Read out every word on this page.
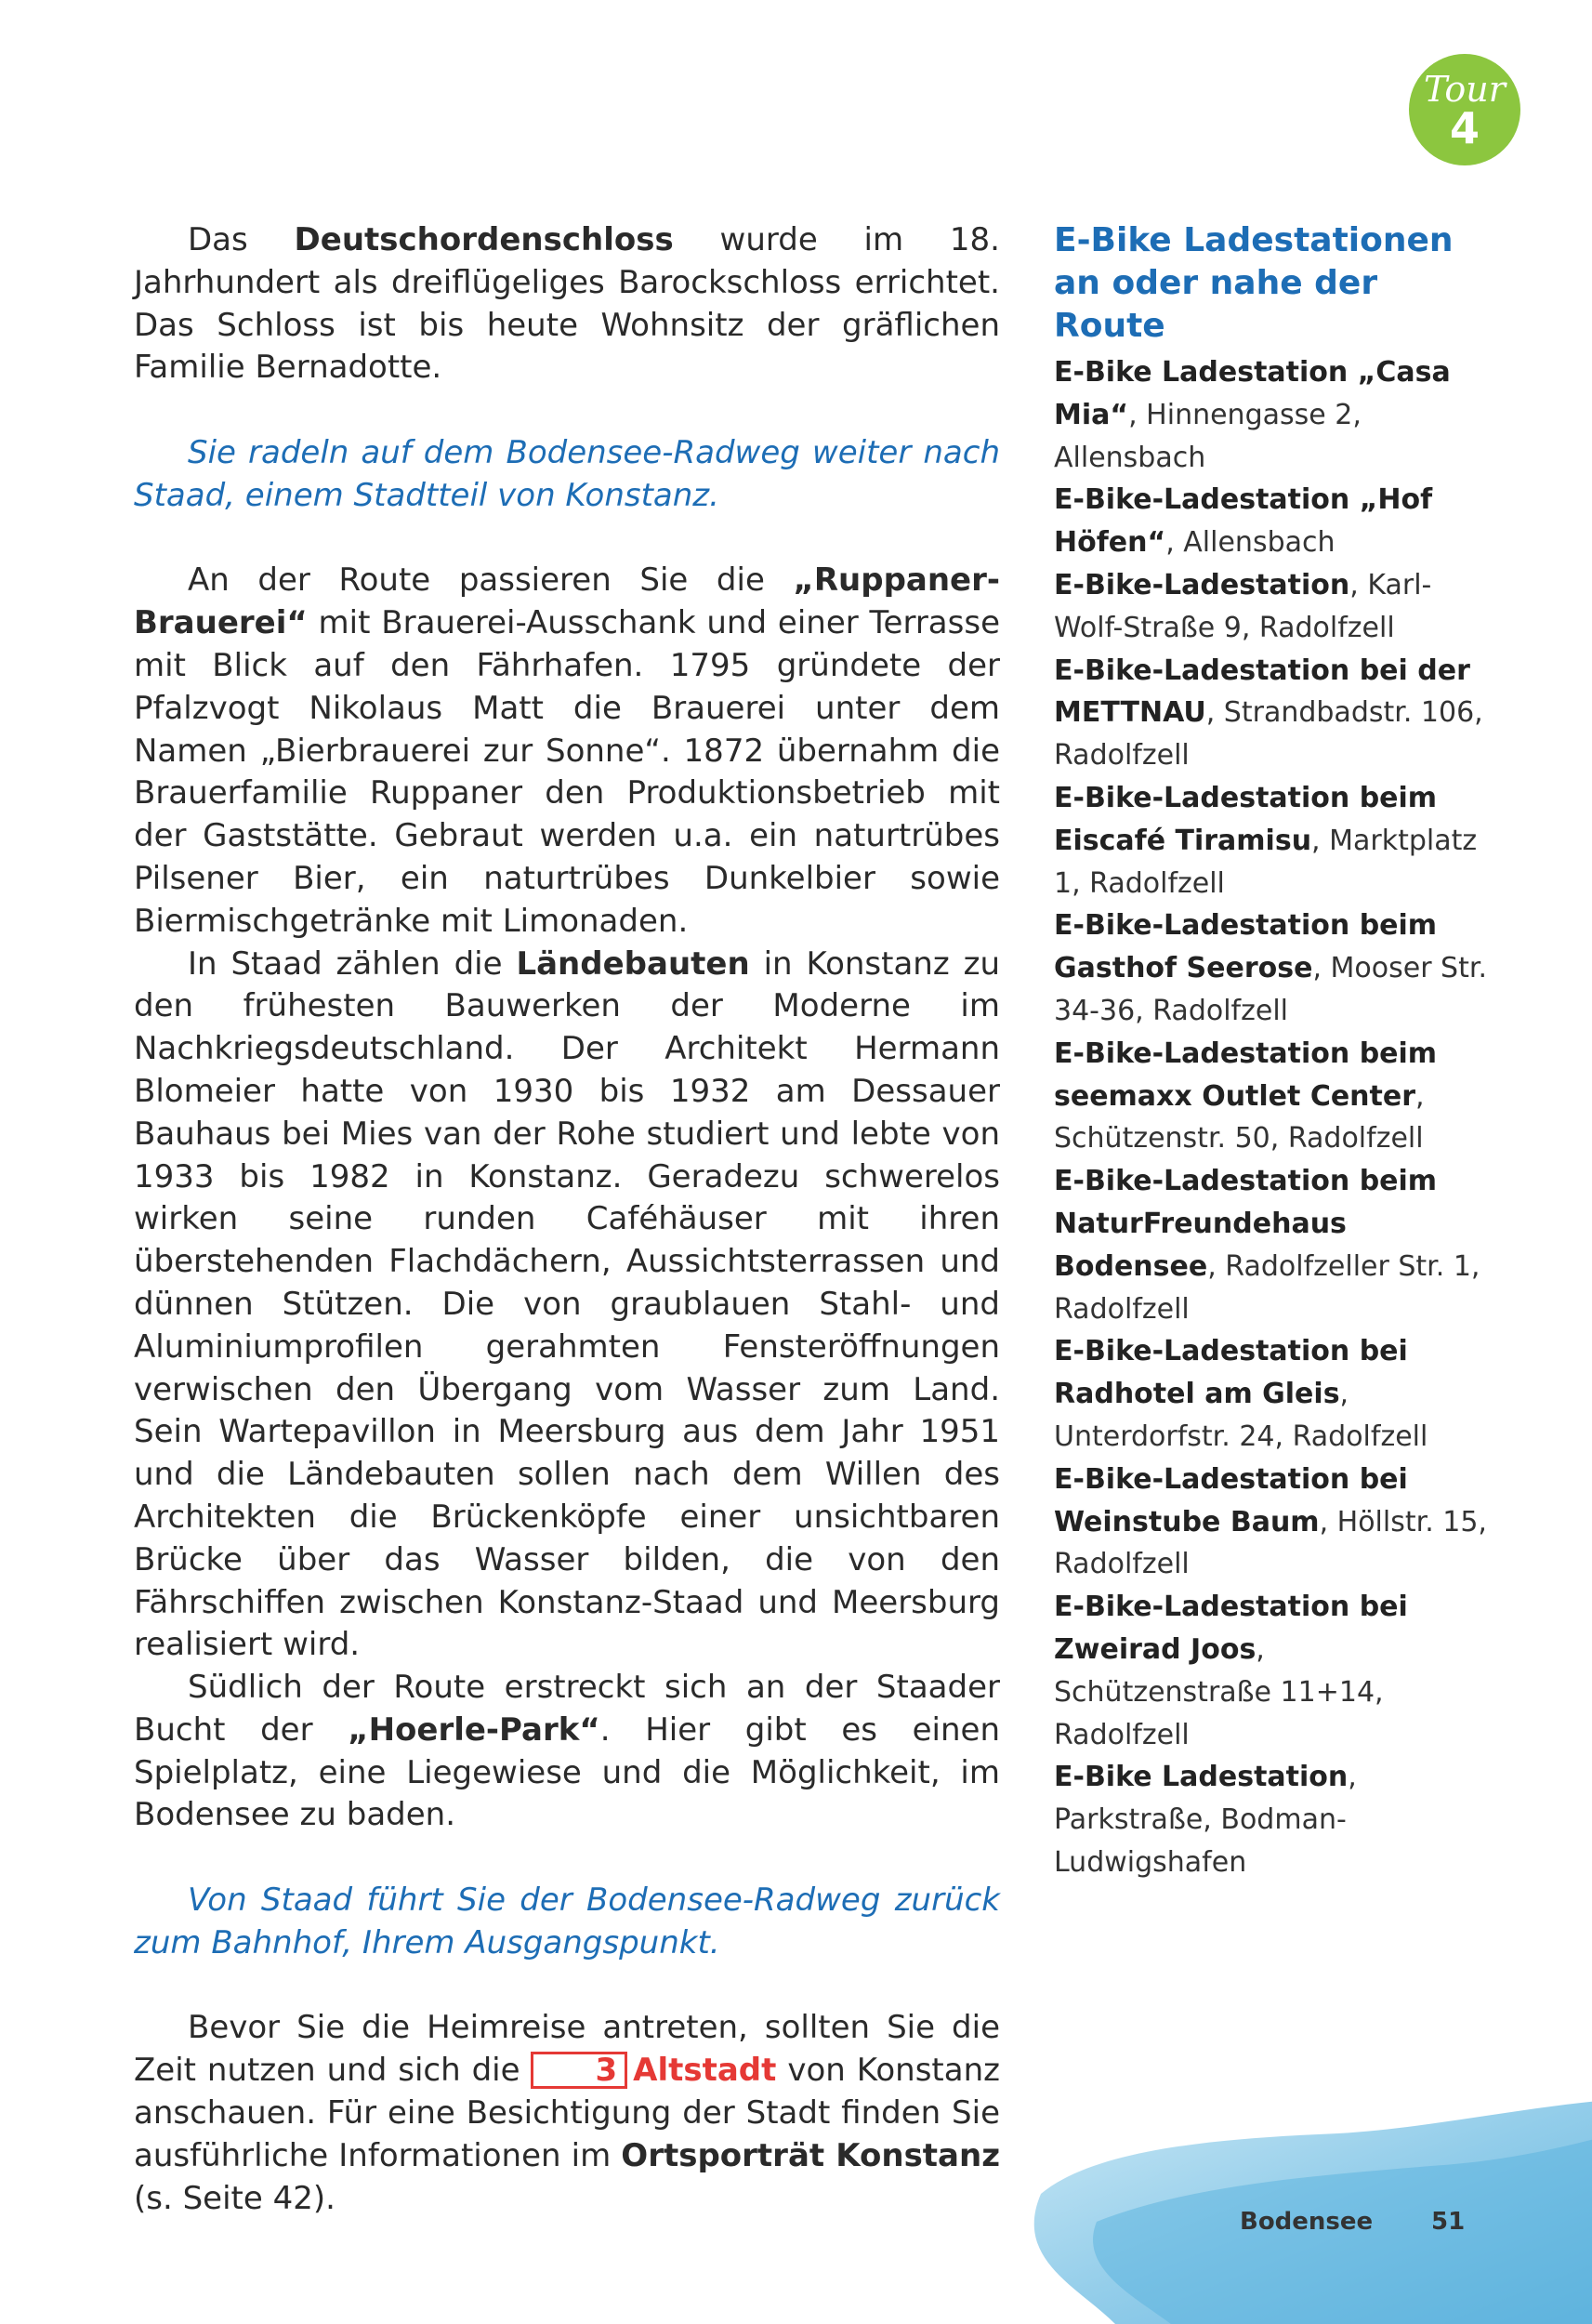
Tour
4

Das Deutschordenschloss wurde im 18. Jahrhundert als dreiflügeliges Barockschloss errichtet. Das Schloss ist bis heute Wohnsitz der gräflichen Familie Bernadotte.

Sie radeln auf dem Bodensee-Radweg weiter nach Staad, einem Stadtteil von Konstanz.

An der Route passieren Sie die „Ruppaner-Brauerei“ mit Brauerei-Ausschank und einer Terrasse mit Blick auf den Fährhafen. 1795 gründete der Pfalzvogt Nikolaus Matt die Brauerei unter dem Namen „Bierbrauerei zur Sonne“. 1872 übernahm die Brauerfamilie Ruppaner den Produktionsbetrieb mit der Gaststätte. Gebraut werden u.a. ein naturtrübes Pilsener Bier, ein naturtrübes Dunkelbier sowie Biermischgetränke mit Limonaden.

In Staad zählen die Ländebauten in Konstanz zu den frühesten Bauwerken der Moderne im Nachkriegsdeutschland. Der Architekt Hermann Blomeier hatte von 1930 bis 1932 am Dessauer Bauhaus bei Mies van der Rohe studiert und lebte von 1933 bis 1982 in Konstanz. Geradezu schwerelos wirken seine runden Caféhäuser mit ihren überstehenden Flachdächern, Aussichtsterrassen und dünnen Stützen. Die von graublauen Stahl- und Aluminiumprofilen gerahmten Fensteröffnungen verwischen den Übergang vom Wasser zum Land. Sein Wartepavillon in Meersburg aus dem Jahr 1951 und die Ländebauten sollen nach dem Willen des Architekten die Brückenköpfe einer unsichtbaren Brücke über das Wasser bilden, die von den Fährschiffen zwischen Konstanz-Staad und Meersburg realisiert wird.

Südlich der Route erstreckt sich an der Staader Bucht der „Hoerle-Park“. Hier gibt es einen Spielplatz, eine Liegewiese und die Möglichkeit, im Bodensee zu baden.

Von Staad führt Sie der Bodensee-Radweg zurück zum Bahnhof, Ihrem Ausgangspunkt.

Bevor Sie die Heimreise antreten, sollten Sie die Zeit nutzen und sich die 3 Altstadt von Konstanz anschauen. Für eine Besichtigung der Stadt finden Sie ausführliche Informationen im Ortsporträt Konstanz (s. Seite 42).

E-Bike Ladestationen an oder nahe der Route
E-Bike Ladestation „Casa Mia“, Hinnengasse 2, Allensbach
E-Bike-Ladestation „Hof Höfen“, Allensbach
E-Bike-Ladestation, Karl-Wolf-Straße 9, Radolfzell
E-Bike-Ladestation bei der METTNAU, Strandbadstr. 106, Radolfzell
E-Bike-Ladestation beim Eiscafé Tiramisu, Marktplatz 1, Radolfzell
E-Bike-Ladestation beim Gasthof Seerose, Mooser Str. 34-36, Radolfzell
E-Bike-Ladestation beim seemaxx Outlet Center, Schützenstr. 50, Radolfzell
E-Bike-Ladestation beim NaturFreundehaus Bodensee, Radolfzeller Str. 1, Radolfzell
E-Bike-Ladestation bei Radhotel am Gleis, Unterdorfstr. 24, Radolfzell
E-Bike-Ladestation bei Weinstube Baum, Höllstr. 15, Radolfzell
E-Bike-Ladestation bei Zweirad Joos, Schützenstraße 11+14, Radolfzell
E-Bike Ladestation, Parkstraße, Bodman-Ludwigshafen
Bodensee 51
